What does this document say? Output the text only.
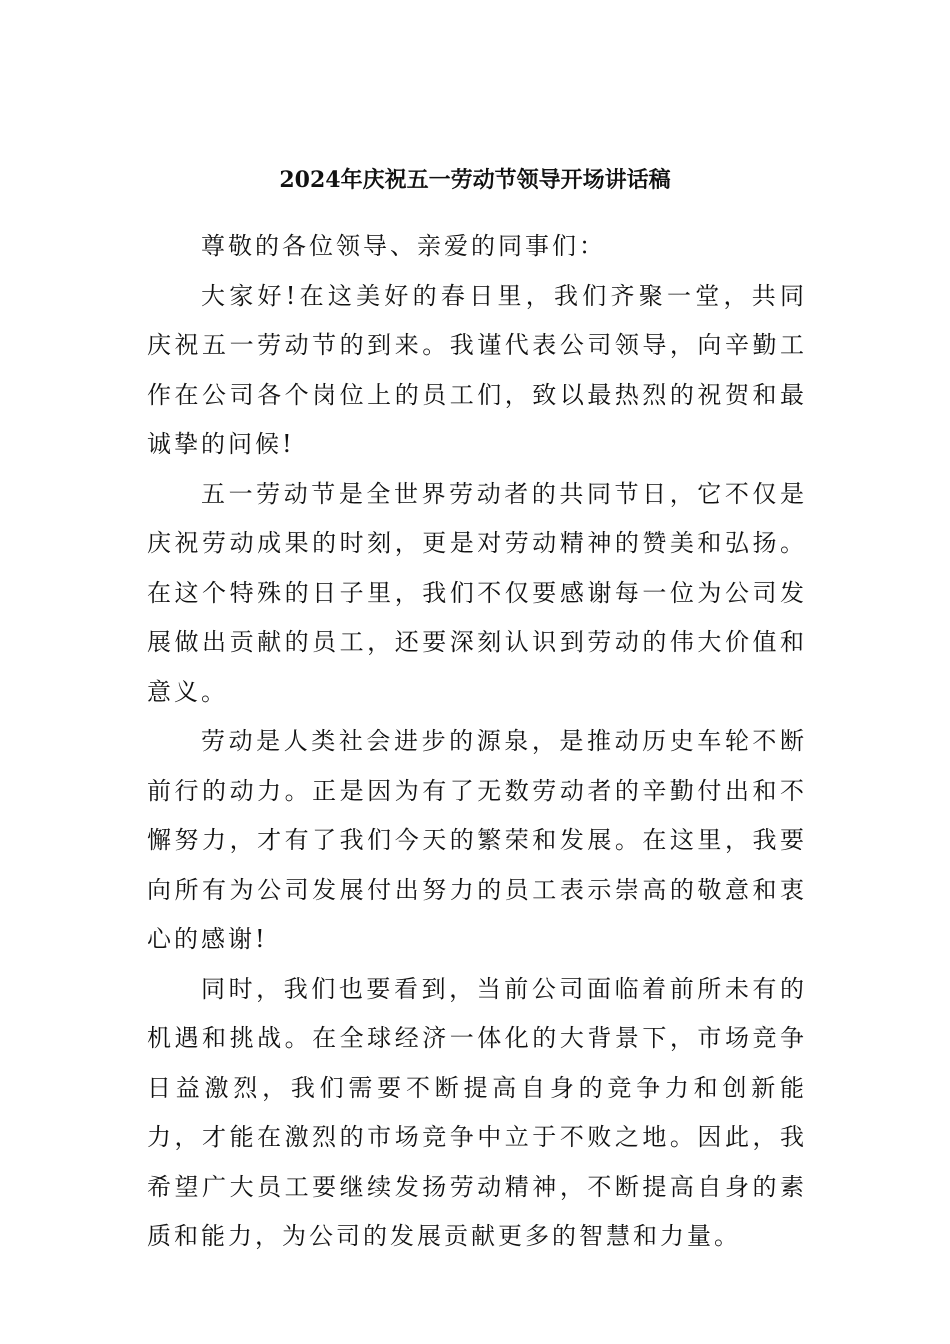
2024年庆祝五一劳动节领导开场讲话稿

尊敬的各位领导、亲爱的同事们：

大家好!在这美好的春日里，我们齐聚一堂，共同庆祝五一劳动节的到来。我谨代表公司领导，向辛勤工作在公司各个岗位上的员工们，致以最热烈的祝贺和最诚挚的问候!

五一劳动节是全世界劳动者的共同节日，它不仅是庆祝劳动成果的时刻，更是对劳动精神的赞美和弘扬。在这个特殊的日子里，我们不仅要感谢每一位为公司发展做出贡献的员工，还要深刻认识到劳动的伟大价值和意义。

劳动是人类社会进步的源泉，是推动历史车轮不断前行的动力。正是因为有了无数劳动者的辛勤付出和不懈努力，才有了我们今天的繁荣和发展。在这里，我要向所有为公司发展付出努力的员工表示崇高的敬意和衷心的感谢!

同时，我们也要看到，当前公司面临着前所未有的机遇和挑战。在全球经济一体化的大背景下，市场竞争日益激烈，我们需要不断提高自身的竞争力和创新能力，才能在激烈的市场竞争中立于不败之地。因此，我希望广大员工要继续发扬劳动精神，不断提高自身的素质和能力，为公司的发展贡献更多的智慧和力量。
